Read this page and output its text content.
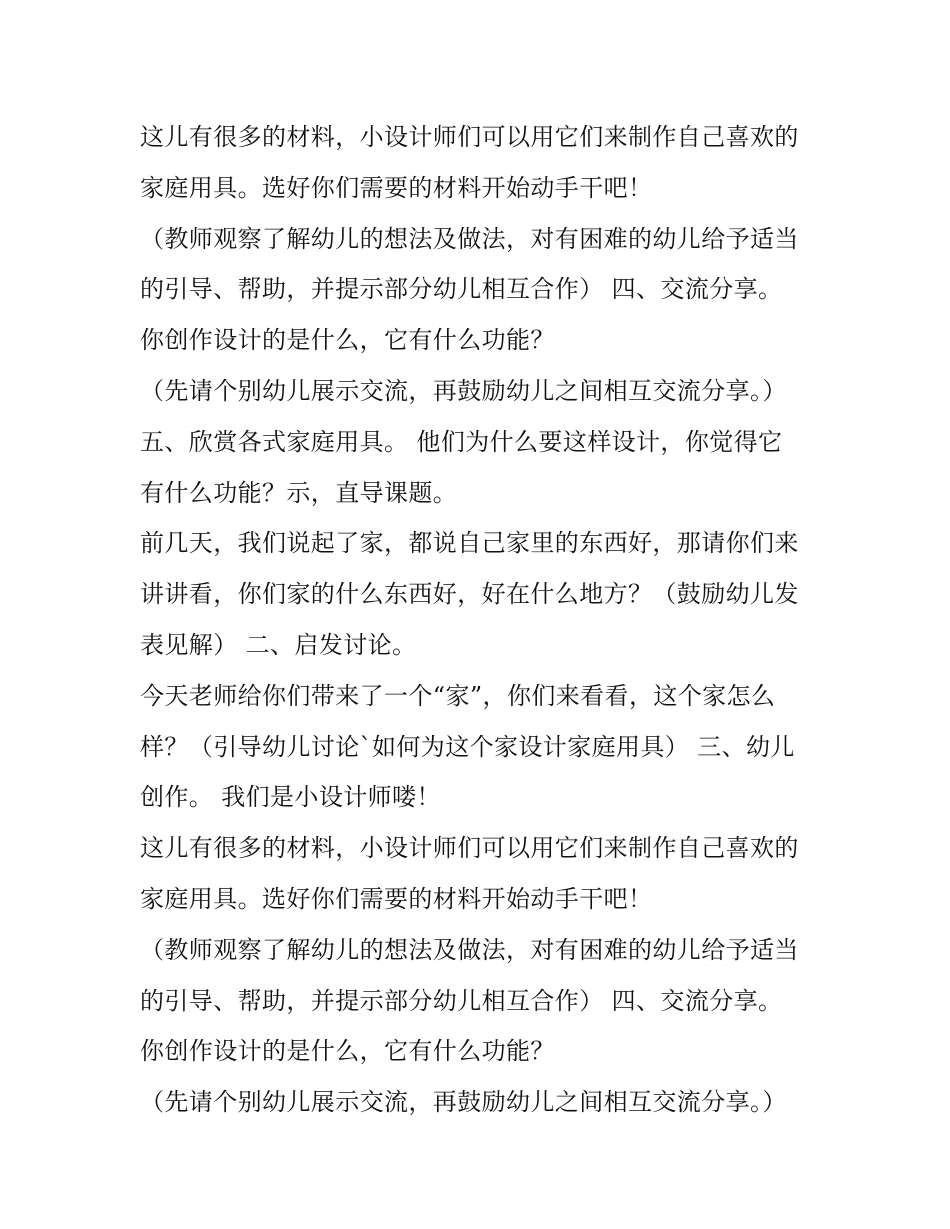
这儿有很多的材料，小设计师们可以用它们来制作自己喜欢的
家庭用具。选好你们需要的材料开始动手干吧！
（教师观察了解幼儿的想法及做法，对有困难的幼儿给予适当
的引导、帮助，并提示部分幼儿相互合作） 四、交流分享。
你创作设计的是什么，它有什么功能？
（先请个别幼儿展示交流，再鼓励幼儿之间相互交流分享。）
五、欣赏各式家庭用具。 他们为什么要这样设计，你觉得它
有什么功能？示，直导课题。
前几天，我们说起了家，都说自己家里的东西好，那请你们来
讲讲看，你们家的什么东西好，好在什么地方？（鼓励幼儿发
表见解） 二、启发讨论。
今天老师给你们带来了一个“家”，你们来看看，这个家怎么
样？（引导幼儿讨论`如何为这个家设计家庭用具） 三、幼儿
创作。 我们是小设计师喽！
这儿有很多的材料，小设计师们可以用它们来制作自己喜欢的
家庭用具。选好你们需要的材料开始动手干吧！
（教师观察了解幼儿的想法及做法，对有困难的幼儿给予适当
的引导、帮助，并提示部分幼儿相互合作） 四、交流分享。
你创作设计的是什么，它有什么功能？
（先请个别幼儿展示交流，再鼓励幼儿之间相互交流分享。）
